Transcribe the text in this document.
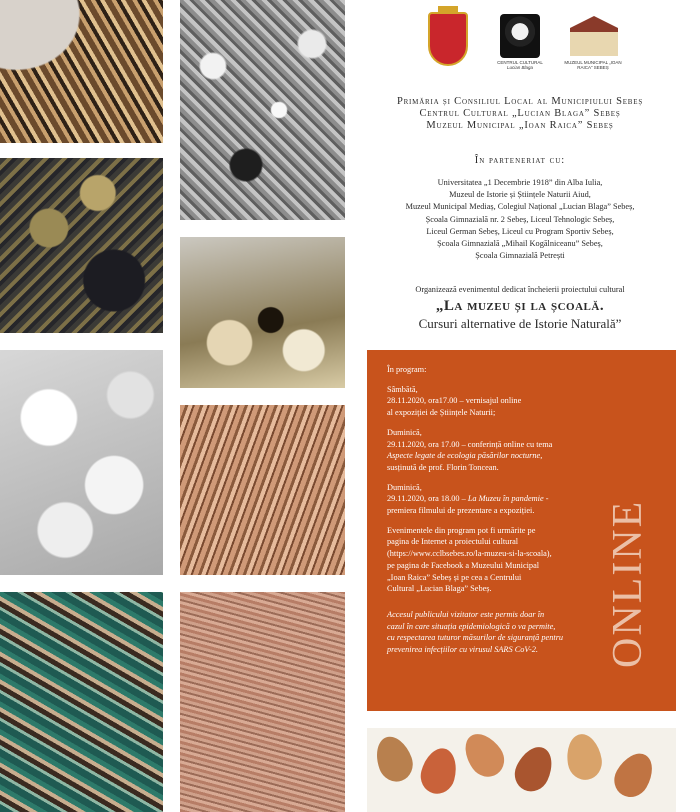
CENTRUL CULTURAL
Lucian Blaga
MUZEUL MUNICIPAL „IOAN RAICA” SEBEȘ
Primăria și Consiliul Local al Municipiului Sebeș
Centrul Cultural „Lucian Blaga” Sebeș
Muzeul Municipal „Ioan Raica” Sebeș
În parteneriat cu:
Universitatea „1 Decembrie 1918” din Alba Iulia,
Muzeul de Istorie și Științele Naturii Aiud,
Muzeul Municipal Mediaș, Colegiul Național „Lucian Blaga” Sebeș,
Școala Gimnazială nr. 2 Sebeș, Liceul Tehnologic Sebeș,
Liceul German Sebeș, Liceul cu Program Sportiv Sebeș,
Școala Gimnazială „Mihail Kogălniceanu” Sebeș,
Școala Gimnazială Petrești
Organizează evenimentul dedicat încheierii proiectului cultural
„La muzeu și la școală.
Cursuri alternative de Istorie Naturală”

În program:

Sâmbătă,
28.11.2020, ora17.00 – vernisajul online
al expoziției de Științele Naturii;

Duminică,
29.11.2020, ora 17.00 – conferință online cu tema
Aspecte legate de ecologia păsărilor nocturne,
susținută de prof. Florin Toncean.

Duminică,
29.11.2020, ora 18.00 – La Muzeu în pandemie -
premiera filmului de prezentare a expoziției.

Evenimentele din program pot fi urmărite pe
pagina de Internet a proiectului cultural
(https://www.cclbsebes.ro/la-muzeu-si-la-scoala),
pe pagina de Facebook a Muzeului Municipal
„Ioan Raica” Sebeș și pe cea a Centrului
Cultural „Lucian Blaga” Sebeș.

Accesul publicului vizitator este permis doar în
cazul în care situația epidemiologică o va permite,
cu respectarea tuturor măsurilor de siguranță pentru
prevenirea infecțiilor cu virusul SARS CoV-2.	ONLINE
